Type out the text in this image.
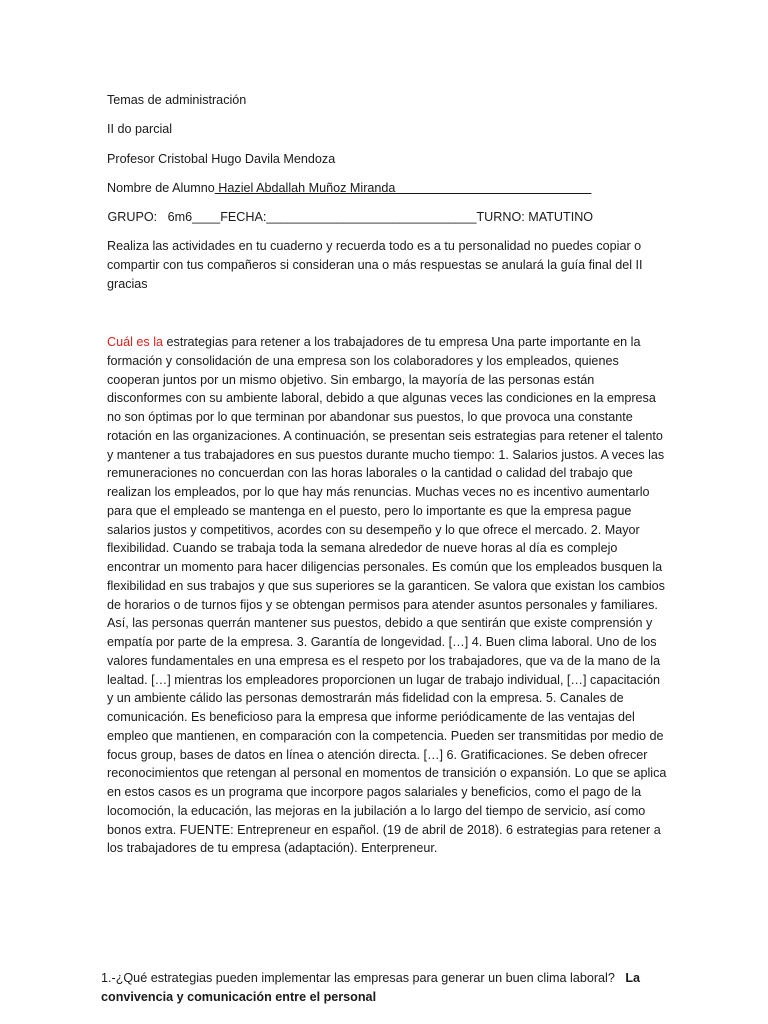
Temas de administración
II do parcial
Profesor Cristobal Hugo Davila Mendoza
Nombre de Alumno Haziel Abdallah Muñoz Miranda
GRUPO:   6m6____FECHA:______________________________TURNO: MATUTINO
Realiza las actividades en tu cuaderno y recuerda todo es a tu personalidad no puedes copiar o compartir con tus compañeros si consideran una o más respuestas se anulará la guía final del II gracias
Cuál es la estrategias para retener a los trabajadores de tu empresa Una parte importante en la formación y consolidación de una empresa son los colaboradores y los empleados, quienes cooperan juntos por un mismo objetivo. Sin embargo, la mayoría de las personas están disconformes con su ambiente laboral, debido a que algunas veces las condiciones en la empresa no son óptimas por lo que terminan por abandonar sus puestos, lo que provoca una constante rotación en las organizaciones. A continuación, se presentan seis estrategias para retener el talento y mantener a tus trabajadores en sus puestos durante mucho tiempo: 1. Salarios justos. A veces las remuneraciones no concuerdan con las horas laborales o la cantidad o calidad del trabajo que realizan los empleados, por lo que hay más renuncias. Muchas veces no es incentivo aumentarlo para que el empleado se mantenga en el puesto, pero lo importante es que la empresa pague salarios justos y competitivos, acordes con su desempeño y lo que ofrece el mercado. 2. Mayor flexibilidad. Cuando se trabaja toda la semana alrededor de nueve horas al día es complejo encontrar un momento para hacer diligencias personales. Es común que los empleados busquen la flexibilidad en sus trabajos y que sus superiores se la garanticen. Se valora que existan los cambios de horarios o de turnos fijos y se obtengan permisos para atender asuntos personales y familiares. Así, las personas querrán mantener sus puestos, debido a que sentirán que existe comprensión y empatía por parte de la empresa. 3. Garantía de longevidad. […] 4. Buen clima laboral. Uno de los valores fundamentales en una empresa es el respeto por los trabajadores, que va de la mano de la lealtad. […] mientras los empleadores proporcionen un lugar de trabajo individual, […] capacitación y un ambiente cálido las personas demostrarán más fidelidad con la empresa. 5. Canales de comunicación. Es beneficioso para la empresa que informe periódicamente de las ventajas del empleo que mantienen, en comparación con la competencia. Pueden ser transmitidas por medio de focus group, bases de datos en línea o atención directa. […] 6. Gratificaciones. Se deben ofrecer reconocimientos que retengan al personal en momentos de transición o expansión. Lo que se aplica en estos casos es un programa que incorpore pagos salariales y beneficios, como el pago de la locomoción, la educación, las mejoras en la jubilación a lo largo del tiempo de servicio, así como bonos extra. FUENTE: Entrepreneur en español. (19 de abril de 2018). 6 estrategias para retener a los trabajadores de tu empresa (adaptación). Enterpreneur.
1.-¿Qué estrategias pueden implementar las empresas para generar un buen clima laboral?   La convivencia y comunicación entre el personal
